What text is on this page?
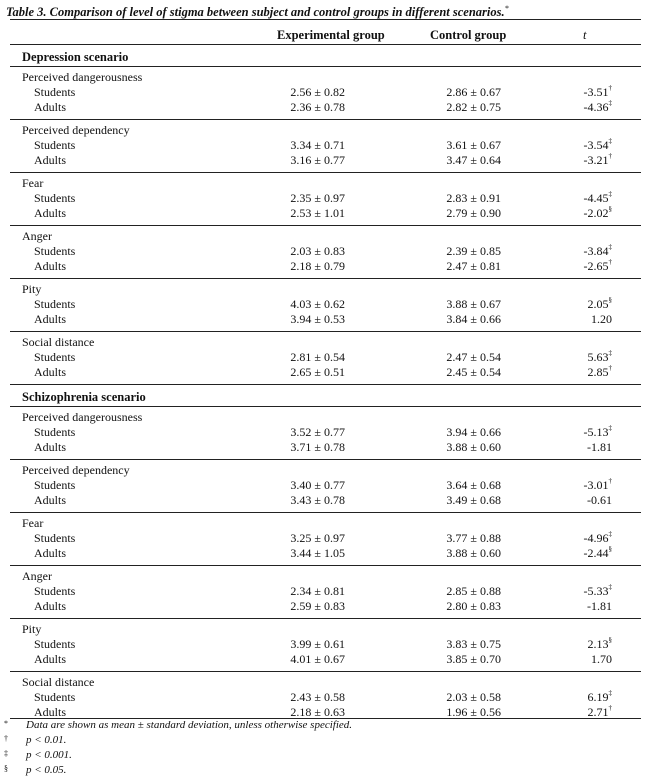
Table 3. Comparison of level of stigma between subject and control groups in different scenarios.*
Experimental group	Control group	t
Depression scenario
Perceived dangerousness
Students	2.56 ± 0.82	2.86 ± 0.67	-3.51†
Adults	2.36 ± 0.78	2.82 ± 0.75	-4.36‡
Perceived dependency
Students	3.34 ± 0.71	3.61 ± 0.67	-3.54‡
Adults	3.16 ± 0.77	3.47 ± 0.64	-3.21†
Fear
Students	2.35 ± 0.97	2.83 ± 0.91	-4.45‡
Adults	2.53 ± 1.01	2.79 ± 0.90	-2.02§
Anger
Students	2.03 ± 0.83	2.39 ± 0.85	-3.84‡
Adults	2.18 ± 0.79	2.47 ± 0.81	-2.65†
Pity
Students	4.03 ± 0.62	3.88 ± 0.67	2.05§
Adults	3.94 ± 0.53	3.84 ± 0.66	1.20
Social distance
Students	2.81 ± 0.54	2.47 ± 0.54	5.63‡
Adults	2.65 ± 0.51	2.45 ± 0.54	2.85†
Schizophrenia scenario
Perceived dangerousness
Students	3.52 ± 0.77	3.94 ± 0.66	-5.13‡
Adults	3.71 ± 0.78	3.88 ± 0.60	-1.81
Perceived dependency
Students	3.40 ± 0.77	3.64 ± 0.68	-3.01†
Adults	3.43 ± 0.78	3.49 ± 0.68	-0.61
Fear
Students	3.25 ± 0.97	3.77 ± 0.88	-4.96‡
Adults	3.44 ± 1.05	3.88 ± 0.60	-2.44§
Anger
Students	2.34 ± 0.81	2.85 ± 0.88	-5.33‡
Adults	2.59 ± 0.83	2.80 ± 0.83	-1.81
Pity
Students	3.99 ± 0.61	3.83 ± 0.75	2.13§
Adults	4.01 ± 0.67	3.85 ± 0.70	1.70
Social distance
Students	2.43 ± 0.58	2.03 ± 0.58	6.19‡
Adults	2.18 ± 0.63	1.96 ± 0.56	2.71†
* Data are shown as mean ± standard deviation, unless otherwise specified.
† p < 0.01.
‡ p < 0.001.
§ p < 0.05.
